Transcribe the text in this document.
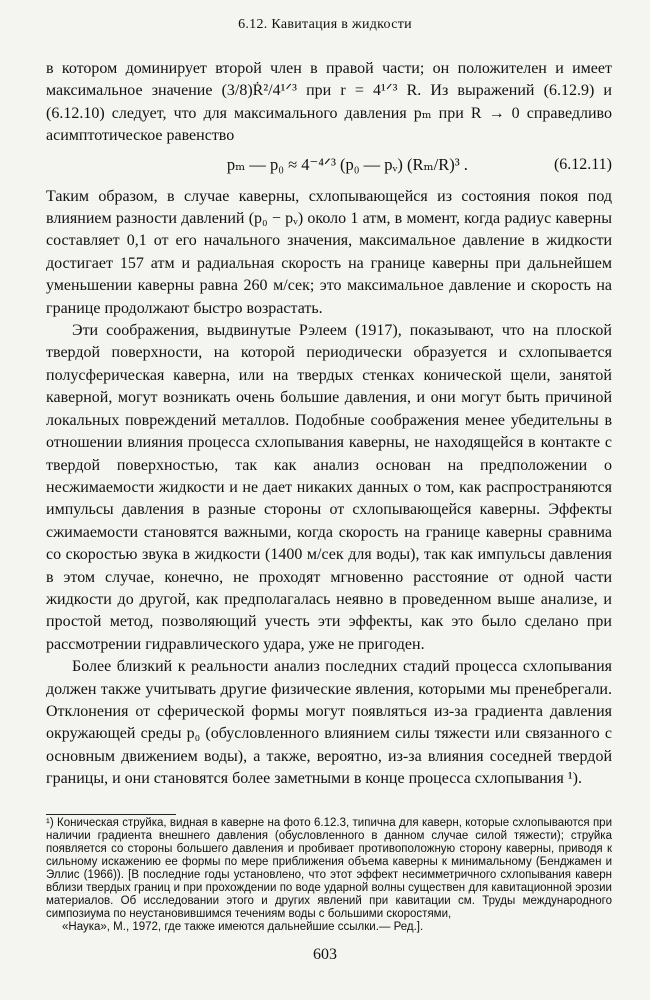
6.12. Кавитация в жидкости

в котором доминирует второй член в правой части; он положителен и имеет максимальное значение (3/8)Ṙ²/4¹ᐟ³ при r = 4¹ᐟ³ R. Из выражений (6.12.9) и (6.12.10) следует, что для максимального давления pₘ при R → 0 справедливо асимптотическое равенство

pₘ — p₀ ≈ 4⁻⁴ᐟ³ (p₀ — pᵥ) (Rₘ/R)³ .	(6.12.11)

Таким образом, в случае каверны, схлопывающейся из состояния покоя под влиянием разности давлений (p₀ − pᵥ) около 1 атм, в момент, когда радиус каверны составляет 0,1 от его начального значения, максимальное давление в жидкости достигает 157 атм и радиальная скорость на границе каверны при дальнейшем уменьшении каверны равна 260 м/сек; это максимальное давление и скорость на границе продолжают быстро возрастать.

Эти соображения, выдвинутые Рэлеем (1917), показывают, что на плоской твердой поверхности, на которой периодически образуется и схлопывается полусферическая каверна, или на твердых стенках конической щели, занятой каверной, могут возникать очень большие давления, и они могут быть причиной локальных повреждений металлов. Подобные соображения менее убедительны в отношении влияния процесса схлопывания каверны, не находящейся в контакте с твердой поверхностью, так как анализ основан на предположении о несжимаемости жидкости и не дает никаких данных о том, как распространяются импульсы давления в разные стороны от схлопывающейся каверны. Эффекты сжимаемости становятся важными, когда скорость на границе каверны сравнима со скоростью звука в жидкости (1400 м/сек для воды), так как импульсы давления в этом случае, конечно, не проходят мгновенно расстояние от одной части жидкости до другой, как предполагалась неявно в проведенном выше анализе, и простой метод, позволяющий учесть эти эффекты, как это было сделано при рассмотрении гидравлического удара, уже не пригоден.

Более близкий к реальности анализ последних стадий процесса схлопывания должен также учитывать другие физические явления, которыми мы пренебрегали. Отклонения от сферической формы могут появляться из-за градиента давления окружающей среды p₀ (обусловленного влиянием силы тяжести или связанного с основным движением воды), а также, вероятно, из-за влияния соседней твердой границы, и они становятся более заметными в конце процесса схлопывания ¹).

¹) Коническая струйка, видная в каверне на фото 6.12.3, типична для каверн, которые схлопываются при наличии градиента внешнего давления (обусловленного в данном случае силой тяжести); струйка появляется со стороны большего давления и пробивает противоположную сторону каверны, приводя к сильному искажению ее формы по мере приближения объема каверны к минимальному (Бенджамен и Эллис (1966)). [В последние годы установлено, что этот эффект несимметричного схлопывания каверн вблизи твердых границ и при прохождении по воде ударной волны существен для кавитационной эрозии материалов. Об исследовании этого и других явлений при кавитации см. Труды международного симпозиума по неустановившимся течениям воды с большими скоростями,
«Наука», М., 1972, где также имеются дальнейшие ссылки.— Ред.].
603
